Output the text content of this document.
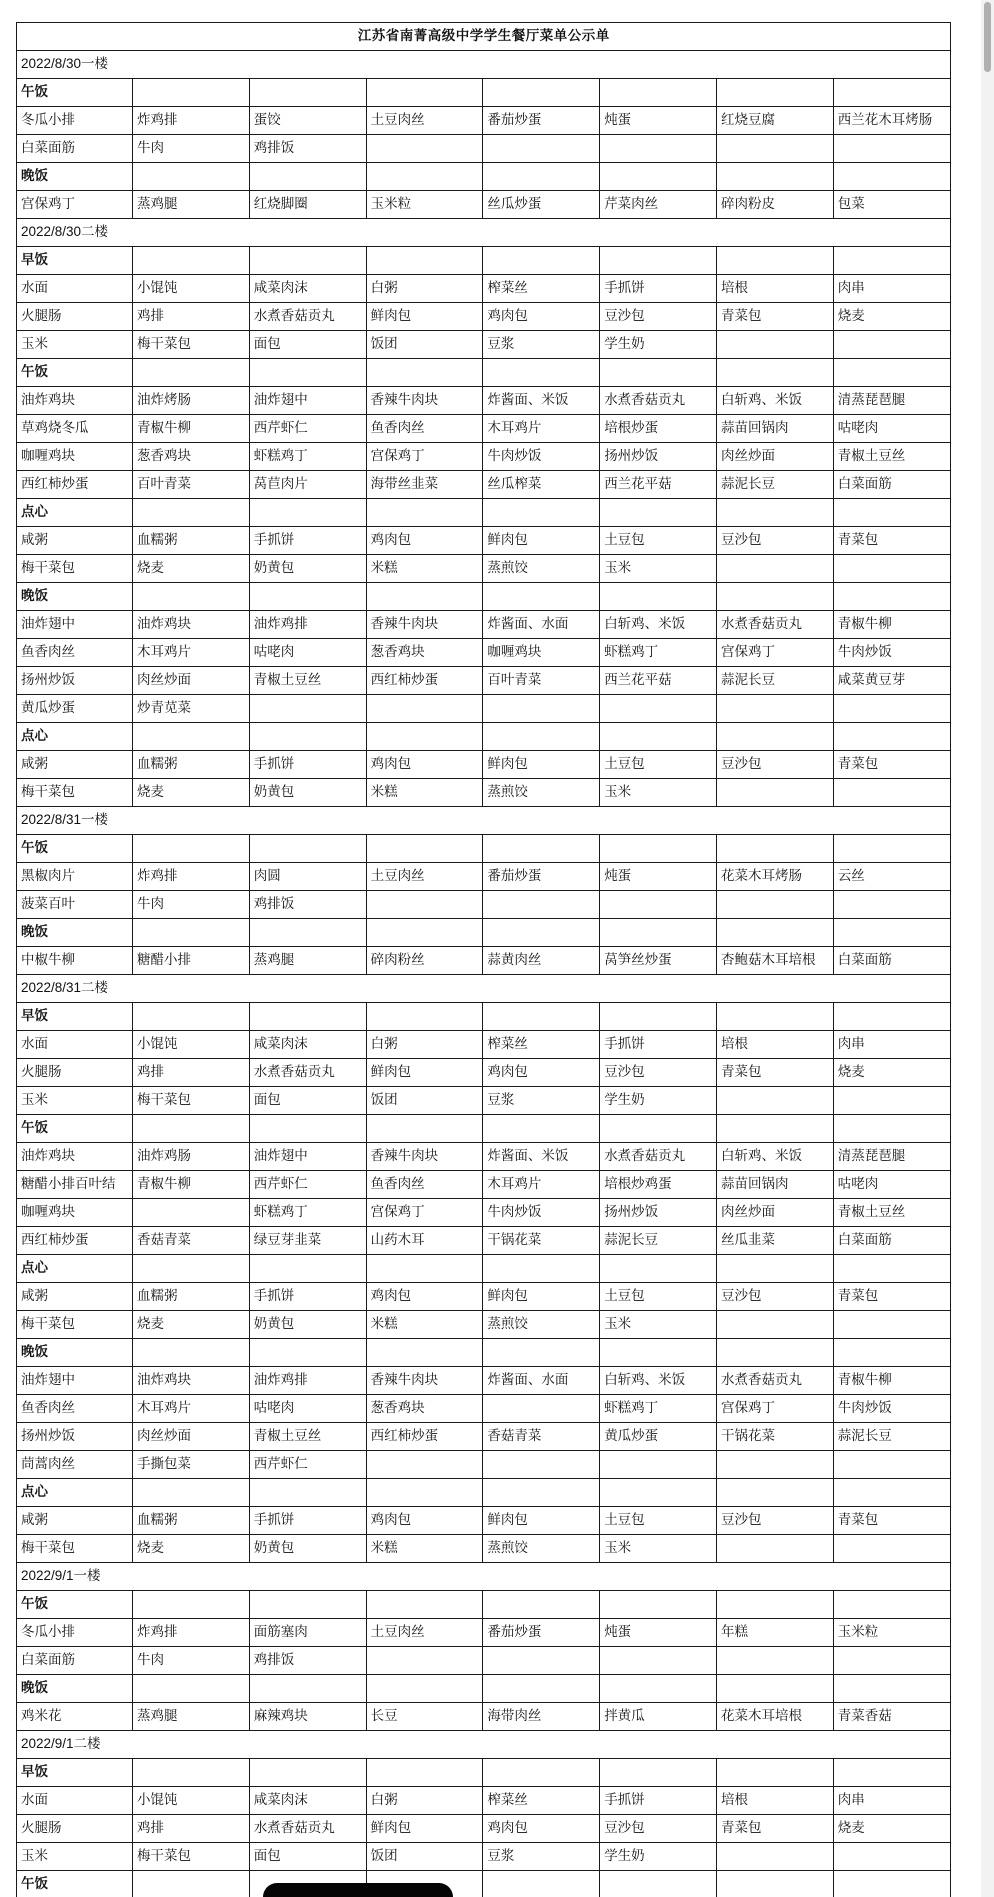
江苏省南菁高级中学学生餐厅菜单公示单							
2022/8/30一楼							
午饭							
冬瓜小排	炸鸡排	蛋饺	土豆肉丝	番茄炒蛋	炖蛋	红烧豆腐	西兰花木耳烤肠
白菜面筋	牛肉	鸡排饭					
晚饭							
宫保鸡丁	蒸鸡腿	红烧脚圈	玉米粒	丝瓜炒蛋	芹菜肉丝	碎肉粉皮	包菜
2022/8/30二楼							
早饭							
水面	小馄饨	咸菜肉沫	白粥	榨菜丝	手抓饼	培根	肉串
火腿肠	鸡排	水煮香菇贡丸	鲜肉包	鸡肉包	豆沙包	青菜包	烧麦
玉米	梅干菜包	面包	饭团	豆浆	学生奶		
午饭							
油炸鸡块	油炸烤肠	油炸翅中	香辣牛肉块	炸酱面、米饭	水煮香菇贡丸	白斩鸡、米饭	清蒸琵琶腿
草鸡烧冬瓜	青椒牛柳	西芹虾仁	鱼香肉丝	木耳鸡片	培根炒蛋	蒜苗回锅肉	咕咾肉
咖喱鸡块	葱香鸡块	虾糕鸡丁	宫保鸡丁	牛肉炒饭	扬州炒饭	肉丝炒面	青椒土豆丝
西红柿炒蛋	百叶青菜	莴苣肉片	海带丝韭菜	丝瓜榨菜	西兰花平菇	蒜泥长豆	白菜面筋
点心							
咸粥	血糯粥	手抓饼	鸡肉包	鲜肉包	土豆包	豆沙包	青菜包
梅干菜包	烧麦	奶黄包	米糕	蒸煎饺	玉米		
晚饭							
油炸翅中	油炸鸡块	油炸鸡排	香辣牛肉块	炸酱面、水面	白斩鸡、米饭	水煮香菇贡丸	青椒牛柳
鱼香肉丝	木耳鸡片	咕咾肉	葱香鸡块	咖喱鸡块	虾糕鸡丁	宫保鸡丁	牛肉炒饭
扬州炒饭	肉丝炒面	青椒土豆丝	西红柿炒蛋	百叶青菜	西兰花平菇	蒜泥长豆	咸菜黄豆芽
黄瓜炒蛋	炒青苋菜						
点心							
咸粥	血糯粥	手抓饼	鸡肉包	鲜肉包	土豆包	豆沙包	青菜包
梅干菜包	烧麦	奶黄包	米糕	蒸煎饺	玉米		
2022/8/31一楼							
午饭							
黑椒肉片	炸鸡排	肉圆	土豆肉丝	番茄炒蛋	炖蛋	花菜木耳烤肠	云丝
菠菜百叶	牛肉	鸡排饭					
晚饭							
中椒牛柳	糖醋小排	蒸鸡腿	碎肉粉丝	蒜黄肉丝	莴笋丝炒蛋	杏鲍菇木耳培根	白菜面筋
2022/8/31二楼							
早饭							
水面	小馄饨	咸菜肉沫	白粥	榨菜丝	手抓饼	培根	肉串
火腿肠	鸡排	水煮香菇贡丸	鲜肉包	鸡肉包	豆沙包	青菜包	烧麦
玉米	梅干菜包	面包	饭团	豆浆	学生奶		
午饭							
油炸鸡块	油炸鸡肠	油炸翅中	香辣牛肉块	炸酱面、米饭	水煮香菇贡丸	白斩鸡、米饭	清蒸琵琶腿
糖醋小排百叶结	青椒牛柳	西芹虾仁	鱼香肉丝	木耳鸡片	培根炒鸡蛋	蒜苗回锅肉	咕咾肉
咖喱鸡块		虾糕鸡丁	宫保鸡丁	牛肉炒饭	扬州炒饭	肉丝炒面	青椒土豆丝
西红柿炒蛋	香菇青菜	绿豆芽韭菜	山药木耳	干锅花菜	蒜泥长豆	丝瓜韭菜	白菜面筋
点心							
咸粥	血糯粥	手抓饼	鸡肉包	鲜肉包	土豆包	豆沙包	青菜包
梅干菜包	烧麦	奶黄包	米糕	蒸煎饺	玉米		
晚饭							
油炸翅中	油炸鸡块	油炸鸡排	香辣牛肉块	炸酱面、水面	白斩鸡、米饭	水煮香菇贡丸	青椒牛柳
鱼香肉丝	木耳鸡片	咕咾肉	葱香鸡块		虾糕鸡丁	宫保鸡丁	牛肉炒饭
扬州炒饭	肉丝炒面	青椒土豆丝	西红柿炒蛋	香菇青菜	黄瓜炒蛋	干锅花菜	蒜泥长豆
茼蒿肉丝	手撕包菜	西芹虾仁					
点心							
咸粥	血糯粥	手抓饼	鸡肉包	鲜肉包	土豆包	豆沙包	青菜包
梅干菜包	烧麦	奶黄包	米糕	蒸煎饺	玉米		
2022/9/1一楼							
午饭							
冬瓜小排	炸鸡排	面筋塞肉	土豆肉丝	番茄炒蛋	炖蛋	年糕	玉米粒
白菜面筋	牛肉	鸡排饭					
晚饭							
鸡米花	蒸鸡腿	麻辣鸡块	长豆	海带肉丝	拌黄瓜	花菜木耳培根	青菜香菇
2022/9/1二楼							
早饭							
水面	小馄饨	咸菜肉沫	白粥	榨菜丝	手抓饼	培根	肉串
火腿肠	鸡排	水煮香菇贡丸	鲜肉包	鸡肉包	豆沙包	青菜包	烧麦
玉米	梅干菜包	面包	饭团	豆浆	学生奶		
午饭							
